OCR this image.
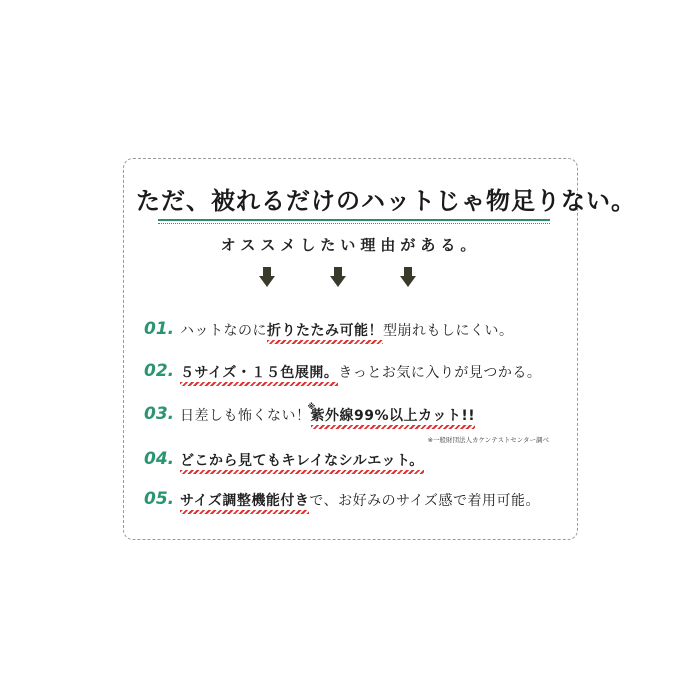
ただ、被れるだけのハットじゃ物足りない。
オススメしたい理由がある。
01. ハットなのに折りたたみ可能！型崩れもしにくい。
02. ５サイズ・１５色展開。きっとお気に入りが見つかる。
03. 日差しも怖くない！
※
紫外線99%以上カット!!
※一般財団法人カケンテストセンター調べ
04. どこから見てもキレイなシルエット。
05. サイズ調整機能付きで、お好みのサイズ感で着用可能。
